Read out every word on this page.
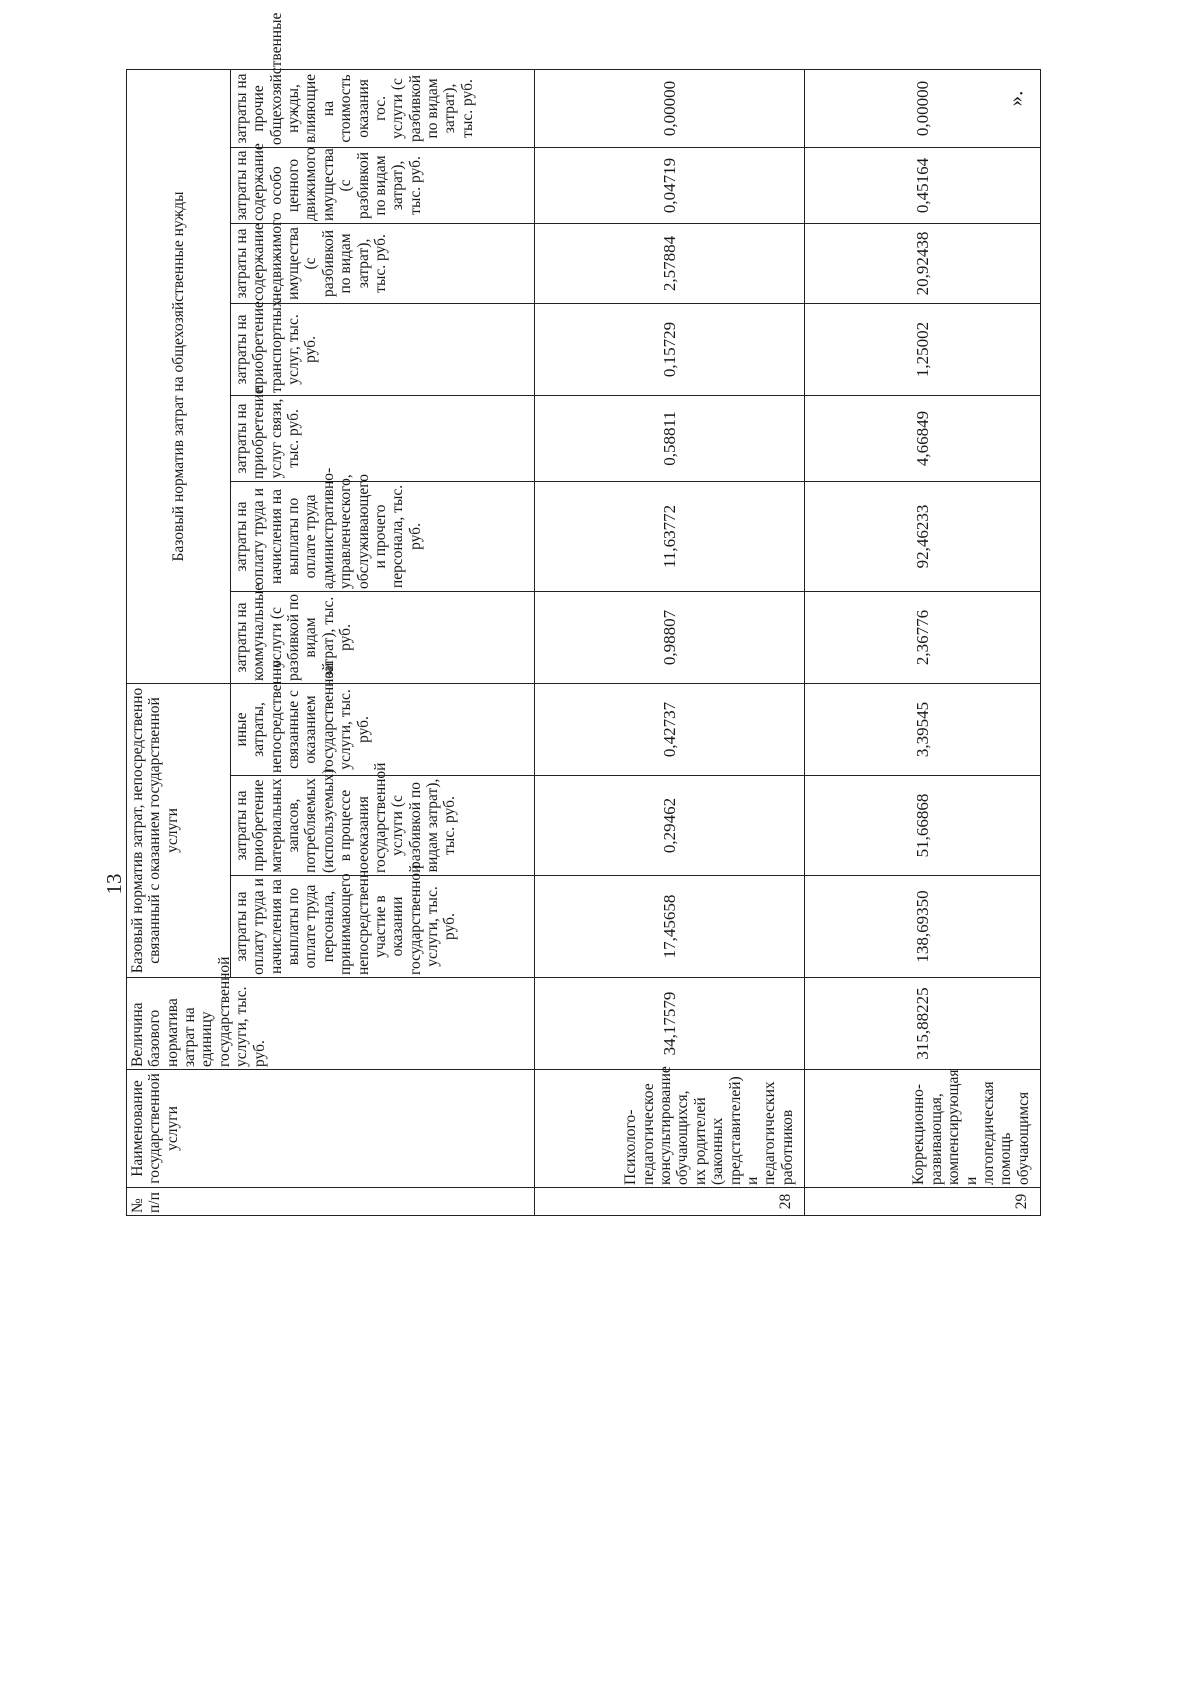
13
».
№ п/п	Наименование государственной услуги	Величина базового норматива затрат на единицу государственной услуги, тыс. руб.	Базовый норматив затрат, непосредственно связанный с оказанием государственной услуги			Базовый норматив затрат на общехозяйственные нужды						
			затраты на оплату труда и начисления на выплаты по оплате труда персонала, принимающего непосредственное участие в оказании государственной услуги, тыс. руб.	затраты на приобретение материальных запасов, потребляемых (используемых) в процессе оказания государственной услуги (с разбивкой по видам затрат), тыс. руб.	иные затраты, непосредственно связанные с оказанием государственной услуги, тыс. руб.	затраты на коммунальные услуги (с разбивкой по видам затрат), тыс. руб.	затраты на оплату труда и начисления на выплаты по оплате труда административно-управленческого, обслуживающего и прочего персонала, тыс. руб.	затраты на приобретение услуг связи, тыс. руб.	затраты на приобретение транспортных услуг, тыс. руб.	затраты на содержание недвижимого имущества (с разбивкой по видам затрат), тыс. руб.	затраты на содержание особо ценного движимого имущества (с разбивкой по видам затрат), тыс. руб.	затраты на прочие общехозяйственные нужды, влияющие на стоимость оказания гос. услуги (с разбивкой по видам затрат), тыс. руб.
28	Психолого-педагогическое консультирование обучающихся, их родителей (законных представителей) и педагогических работников	34,17579	17,45658	0,29462	0,42737	0,98807	11,63772	0,58811	0,15729	2,57884	0,04719	0,00000
29	Коррекционно-развивающая, компенсирующая и логопедическая помощь обучающимся	315,88225	138,69350	51,66868	3,39545	2,36776	92,46233	4,66849	1,25002	20,92438	0,45164	0,00000
